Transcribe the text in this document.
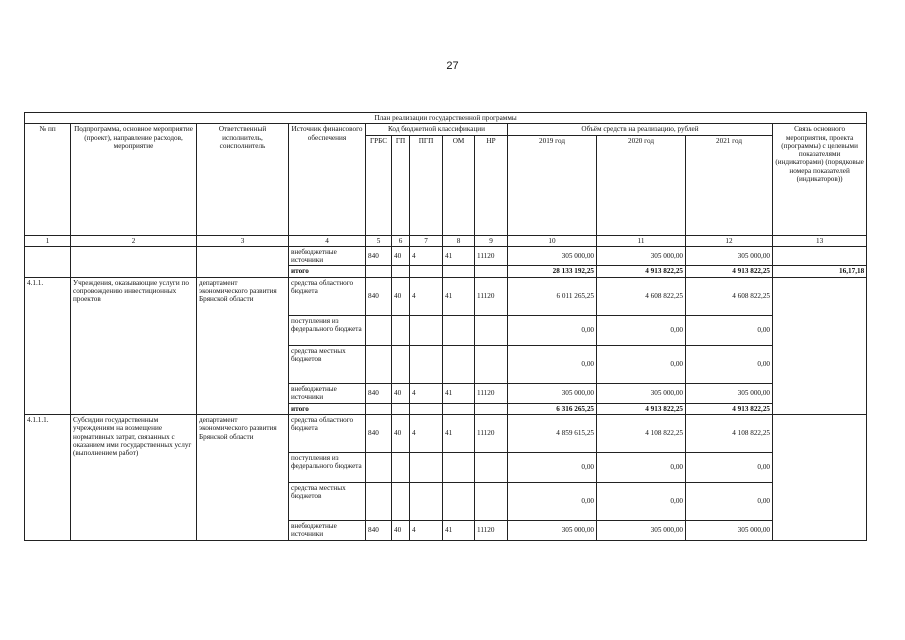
27
План реализации государственной программы												
№ пп	Подпрограмма, основное мероприятие (проект), направление расходов, мероприятие	Ответственный исполнитель, соисполнитель	Источник финансового обеспечения	Код бюджетной классификации					Объём средств на реализацию, рублей			Связь основного мероприятия, проекта (программы) с целевыми показателями (индикаторами) (порядковые номера показателей (индикаторов))
				ГРБС	ГП	ПГП	ОМ	НР	2019 год	2020 год	2021 год	
1	2	3	4	5	6	7	8	9	10	11	12	13
			внебюджетные источники	840	40	4	41	11120	305 000,00	305 000,00	305 000,00	
			итого						28 133 192,25	4 913 822,25	4 913 822,25	16,17,18
4.1.1.	Учреждения, оказывающие услуги по сопровождению инвестиционных проектов	департамент экономического развития Брянской области	средства областного бюджета	840	40	4	41	11120	6 011 265,25	4 608 822,25	4 608 822,25	
			поступления из федерального бюджета						0,00	0,00	0,00	
			средства местных бюджетов						0,00	0,00	0,00	
			внебюджетные источники	840	40	4	41	11120	305 000,00	305 000,00	305 000,00	
			итого						6 316 265,25	4 913 822,25	4 913 822,25	
4.1.1.1.	Субсидии государственным учреждениям на возмещение нормативных затрат, связанных с оказанием ими государственных услуг (выполнением работ)	департамент экономического развития Брянской области	средства областного бюджета	840	40	4	41	11120	4 859 615,25	4 108 822,25	4 108 822,25	
			поступления из федерального бюджета						0,00	0,00	0,00	
			средства местных бюджетов						0,00	0,00	0,00	
			внебюджетные источники	840	40	4	41	11120	305 000,00	305 000,00	305 000,00	
